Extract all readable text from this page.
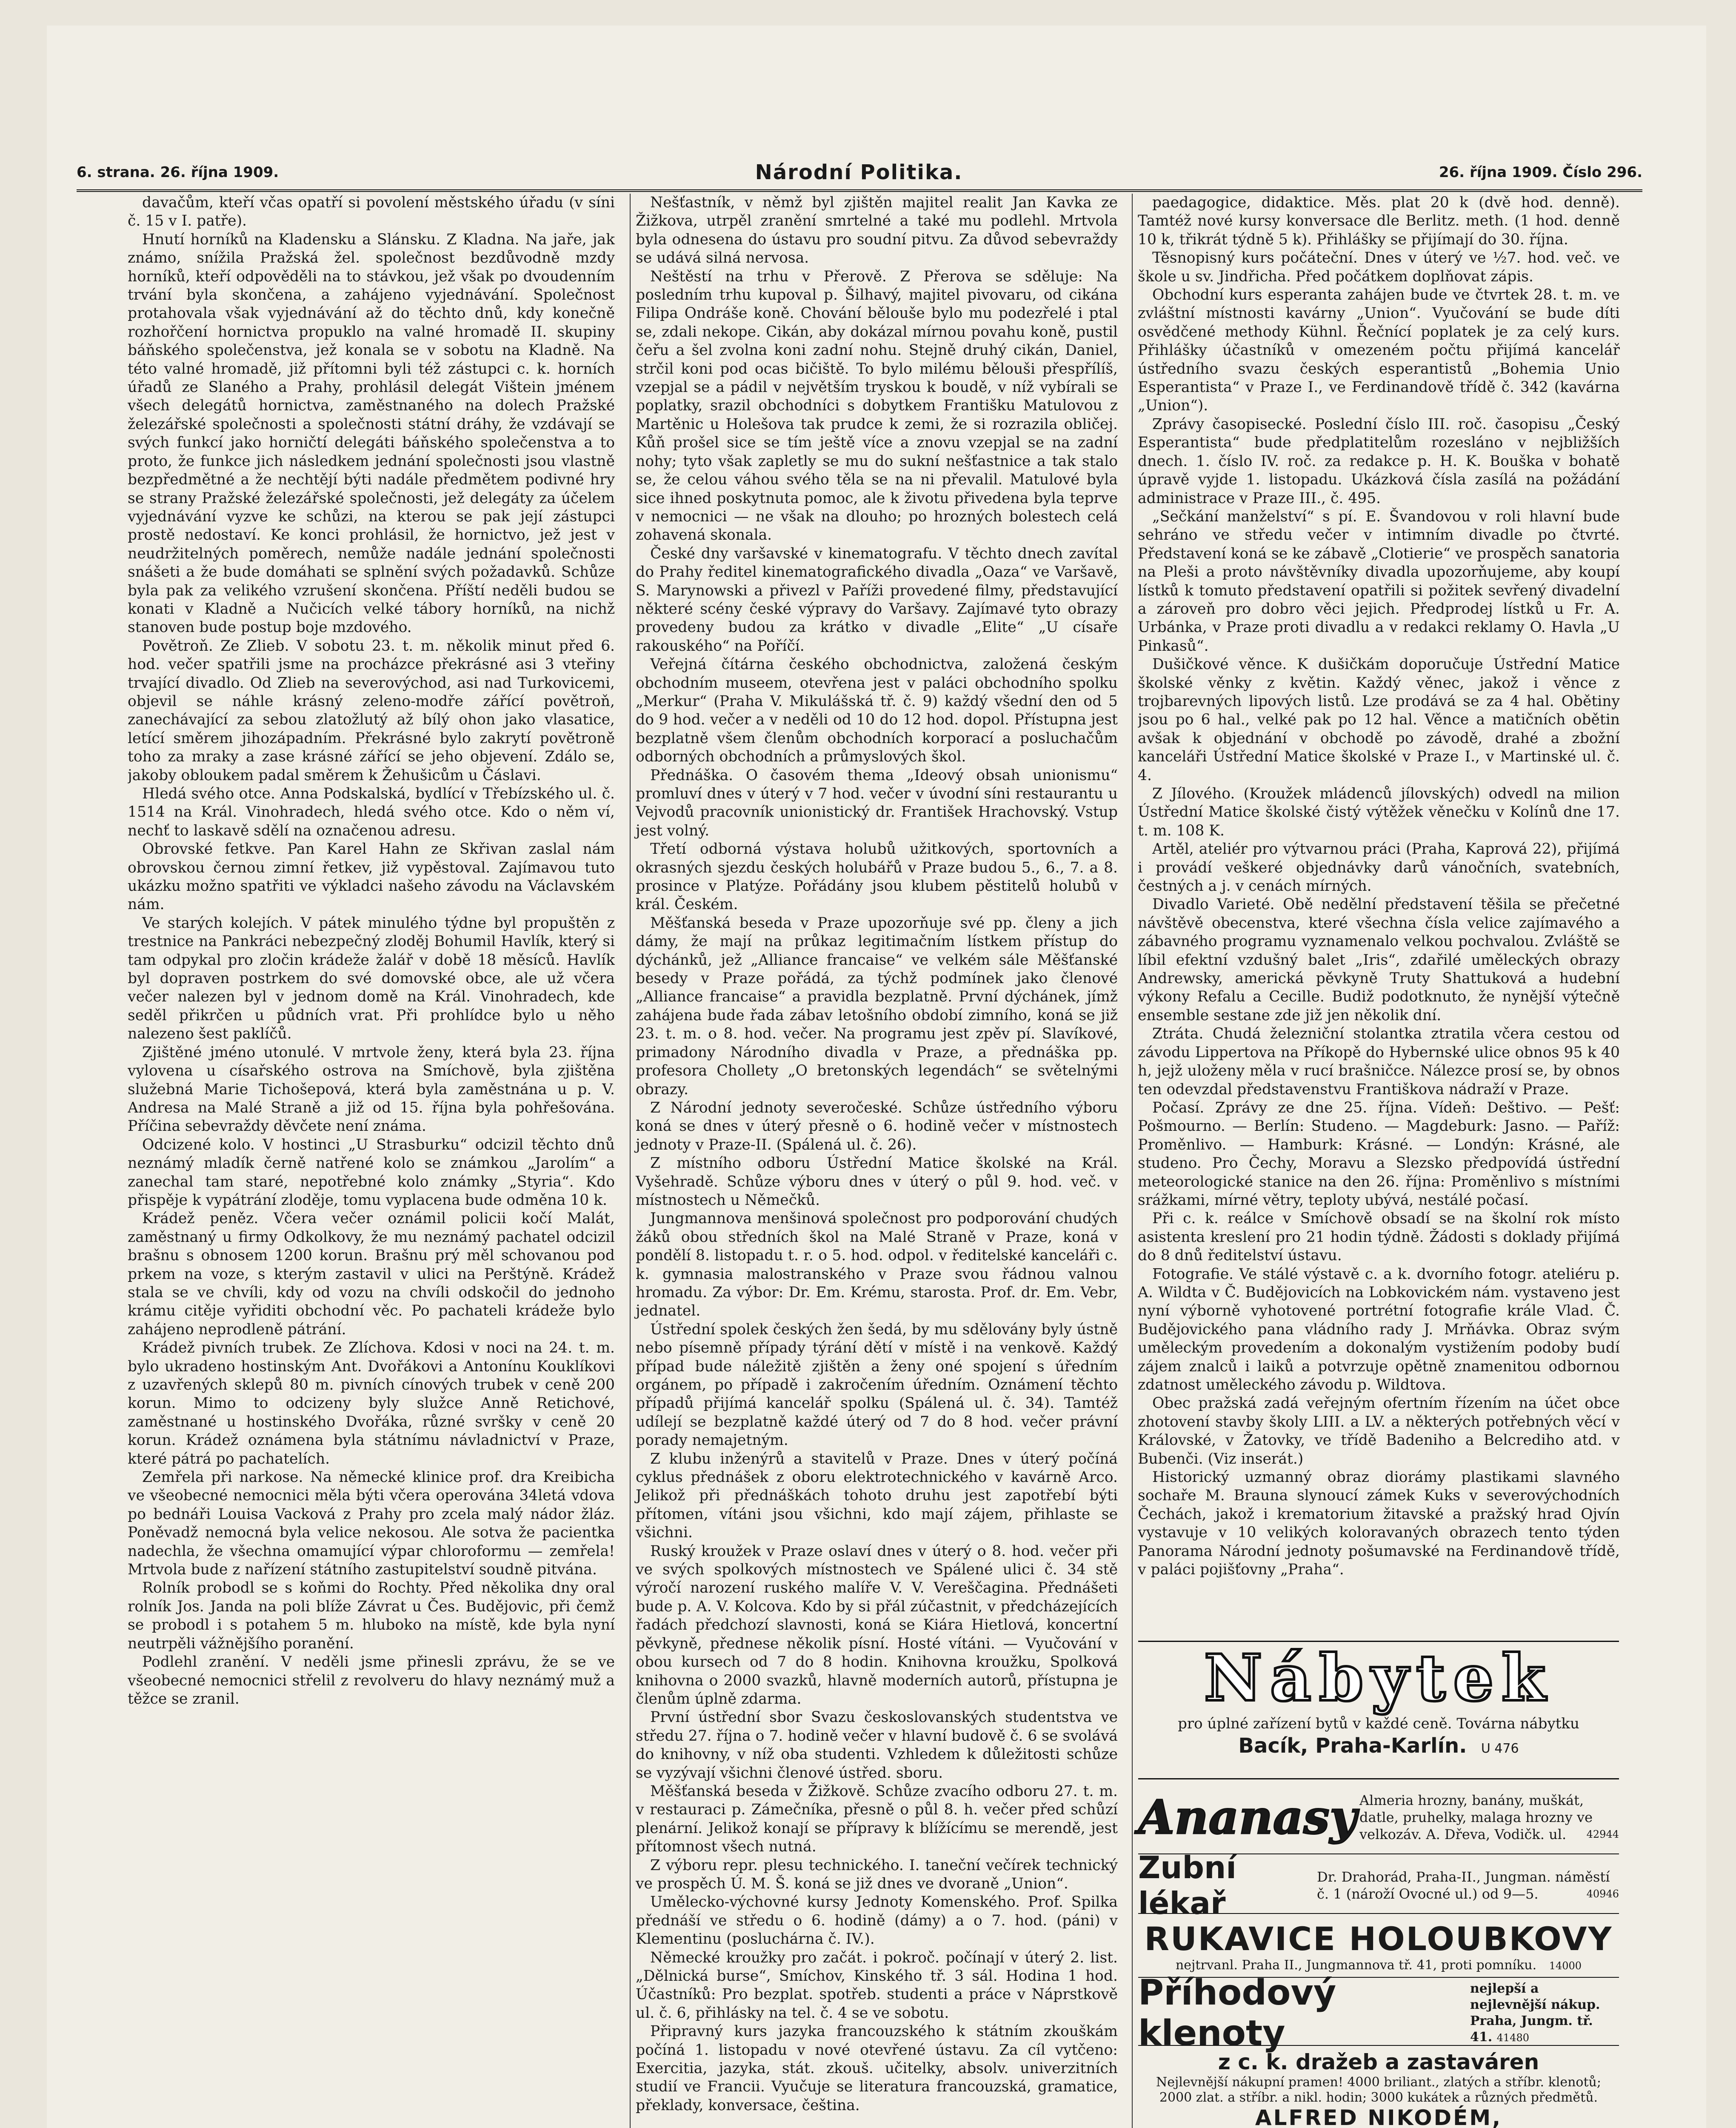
6. strana. 26. října 1909.	Národní Politika.	26. října 1909. Číslo 296.

davačům, kteří včas opatří si povolení městského úřadu (v síni č. 15 v I. patře).

Hnutí horníků na Kladensku a Slánsku. Z Kladna. Na jaře, jak známo, snížila Pražská žel. společnost bezdůvodně mzdy horníků, kteří odpověděli na to stávkou, jež však po dvoudenním trvání byla skončena, a zahájeno vyjednávání. Společnost protahovala však vyjednávání až do těchto dnů, kdy konečně rozhořčení hornictva propuklo na valné hromadě II. skupiny báňského společenstva, jež konala se v sobotu na Kladně. Na této valné hromadě, již přítomni byli též zástupci c. k. horních úřadů ze Slaného a Prahy, prohlásil delegát Vištein jménem všech delegátů hornictva, zaměstnaného na dolech Pražské železářské společnosti a společnosti státní dráhy, že vzdávají se svých funkcí jako horničtí delegáti báňského společenstva a to proto, že funkce jich následkem jednání společnosti jsou vlastně bezpředmětné a že nechtějí býti nadále předmětem podivné hry se strany Pražské železářské společnosti, jež delegáty za účelem vyjednávání vyzve ke schůzi, na kterou se pak její zástupci prostě nedostaví. Ke konci prohlásil, že hornictvo, jež jest v neudržitelných poměrech, nemůže nadále jednání společnosti snášeti a že bude domáhati se splnění svých požadavků. Schůze byla pak za velikého vzrušení skončena. Příští neděli budou se konati v Kladně a Nučicích velké tábory horníků, na nichž stanoven bude postup boje mzdového.

Povětroň. Ze Zlieb. V sobotu 23. t. m. několik minut před 6. hod. večer spatřili jsme na procházce překrásné asi 3 vteřiny trvající divadlo. Od Zlieb na severovýchod, asi nad Turkovicemi, objevil se náhle krásný zeleno-modře zářící povětroň, zanechávající za sebou zlatožlutý až bílý ohon jako vlasatice, letící směrem jihozápadním. Překrásné bylo zakrytí povětroně toho za mraky a zase krásné zářící se jeho objevení. Zdálo se, jakoby obloukem padal směrem k Žehušicům u Čáslavi.

Hledá svého otce. Anna Podskalská, bydlící v Třebízského ul. č. 1514 na Král. Vinohradech, hledá svého otce. Kdo o něm ví, nechť to laskavě sdělí na označenou adresu.

Obrovské fetkve. Pan Karel Hahn ze Skřivan zaslal nám obrovskou černou zimní řetkev, již vypěstoval. Zajímavou tuto ukázku možno spatřiti ve výkladci našeho závodu na Václavském nám.

Ve starých kolejích. V pátek minulého týdne byl propuštěn z trestnice na Pankráci nebezpečný zloděj Bohumil Havlík, který si tam odpykal pro zločin krádeže žalář v době 18 měsíců. Havlík byl dopraven postrkem do své domovské obce, ale už včera večer nalezen byl v jednom domě na Král. Vinohradech, kde seděl přikrčen u půdních vrat. Při prohlídce bylo u něho nalezeno šest paklíčů.

Zjištěné jméno utonulé. V mrtvole ženy, která byla 23. října vylovena u císařského ostrova na Smíchově, byla zjištěna služebná Marie Tichošepová, která byla zaměstnána u p. V. Andresa na Malé Straně a již od 15. října byla pohřešována. Příčina sebevraždy děvčete není známa.

Odcizené kolo. V hostinci „U Strasburku“ odcizil těchto dnů neznámý mladík černě natřené kolo se známkou „Jarolím“ a zanechal tam staré, nepotřebné kolo známky „Styria“. Kdo přispěje k vypátrání zloděje, tomu vyplacena bude odměna 10 k.

Krádež peněz. Včera večer oznámil policii kočí Malát, zaměstnaný u firmy Odkolkovy, že mu neznámý pachatel odcizil brašnu s obnosem 1200 korun. Brašnu prý měl schovanou pod prkem na voze, s kterým zastavil v ulici na Perštýně. Krádež stala se ve chvíli, kdy od vozu na chvíli odskočil do jednoho krámu citěje vyřiditi obchodní věc. Po pachateli krádeže bylo zahájeno neprodleně pátrání.

Krádež pivních trubek. Ze Zlíchova. Kdosi v noci na 24. t. m. bylo ukradeno hostinským Ant. Dvořákovi a Antonínu Kouklíkovi z uzavřených sklepů 80 m. pivních cínových trubek v ceně 200 korun. Mimo to odcizeny byly služce Anně Retichové, zaměstnané u hostinského Dvořáka, různé svršky v ceně 20 korun. Krádež oznámena byla státnímu návladnictví v Praze, které pátrá po pachatelích.

Zemřela při narkose. Na německé klinice prof. dra Kreibicha ve všeobecné nemocnici měla býti včera operována 34letá vdova po bednáři Louisa Vacková z Prahy pro zcela malý nádor žláz. Poněvadž nemocná byla velice nekosou. Ale sotva že pacientka nadechla, že všechna omamující výpar chloroformu — zemřela! Mrtvola bude z nařízení státního zastupitelství soudně pitvána.

Rolník probodl se s koňmi do Rochty. Před několika dny oral rolník Jos. Janda na poli blíže Závrat u Čes. Budějovic, při čemž se probodl i s potahem 5 m. hluboko na místě, kde byla nyní neutrpěli vážnějšího poranění.

Podlehl zranění. V neděli jsme přinesli zprávu, že se ve všeobecné nemocnici střelil z revolveru do hlavy neznámý muž a těžce se zranil.

Nešťastník, v němž byl zjištěn majitel realit Jan Kavka ze Žižkova, utrpěl zranění smrtelné a také mu podlehl. Mrtvola byla odnesena do ústavu pro soudní pitvu. Za důvod sebevraždy se udává silná nervosa.

Neštěstí na trhu v Přerově. Z Přerova se sděluje: Na posledním trhu kupoval p. Šilhavý, majitel pivovaru, od cikána Filipa Ondráše koně. Chování bělouše bylo mu podezřelé i ptal se, zdali nekope. Cikán, aby dokázal mírnou povahu koně, pustil čeřu a šel zvolna koni zadní nohu. Stejně druhý cikán, Daniel, strčil koni pod ocas bičiště. To bylo milému bělouši přespřílíš, vzepjal se a pádil v největším tryskou k boudě, v níž vybírali se poplatky, srazil obchodníci s dobytkem Františku Matulovou z Martěnic u Holešova tak prudce k zemi, že si rozrazila obličej. Kůň prošel sice se tím ještě více a znovu vzepjal se na zadní nohy; tyto však zapletly se mu do sukní nešťastnice a tak stalo se, že celou váhou svého těla se na ni převalil. Matulové byla sice ihned poskytnuta pomoc, ale k životu přivedena byla teprve v nemocnici — ne však na dlouho; po hrozných bolestech celá zohavená skonala.

České dny varšavské v kinematografu. V těchto dnech zavítal do Prahy ředitel kinematografického divadla „Oaza“ ve Varšavě, S. Marynowski a přivezl v Paříži provedené filmy, představující některé scény české výpravy do Varšavy. Zajímavé tyto obrazy provedeny budou za krátko v divadle „Elite“ „U císaře rakouského“ na Poříčí.

Veřejná čítárna českého obchodnictva, založená českým obchodním museem, otevřena jest v paláci obchodního spolku „Merkur“ (Praha V. Mikulášská tř. č. 9) každý všední den od 5 do 9 hod. večer a v neděli od 10 do 12 hod. dopol. Přístupna jest bezplatně všem členům obchodních korporací a posluchačům odborných obchodních a průmyslových škol.

Přednáška. O časovém thema „Ideový obsah unionismu“ promluví dnes v úterý v 7 hod. večer v úvodní síni restaurantu u Vejvodů pracovník unionistický dr. František Hrachovský. Vstup jest volný.

Třetí odborná výstava holubů užitkových, sportovních a okrasných sjezdu českých holubářů v Praze budou 5., 6., 7. a 8. prosince v Platýze. Pořádány jsou klubem pěstitelů holubů v král. Českém.

Měšťanská beseda v Praze upozorňuje své pp. členy a jich dámy, že mají na průkaz legitimačním lístkem přístup do dýchánků, jež „Alliance francaise“ ve velkém sále Měšťanské besedy v Praze pořádá, za týchž podmínek jako členové „Alliance francaise“ a pravidla bezplatně. První dýchánek, jímž zahájena bude řada zábav letošního období zimního, koná se již 23. t. m. o 8. hod. večer. Na programu jest zpěv pí. Slavíkové, primadony Národního divadla v Praze, a přednáška pp. profesora Chollety „O bretonských legendách“ se světelnými obrazy.

Z Národní jednoty severočeské. Schůze ústředního výboru koná se dnes v úterý přesně o 6. hodině večer v místnostech jednoty v Praze-II. (Spálená ul. č. 26).

Z místního odboru Ústřední Matice školské na Král. Vyšehradě. Schůze výboru dnes v úterý o půl 9. hod. več. v místnostech u Němečků.

Jungmannova menšinová společnost pro podporování chudých žáků obou středních škol na Malé Straně v Praze, koná v pondělí 8. listopadu t. r. o 5. hod. odpol. v ředitelské kanceláři c. k. gymnasia malostranského v Praze svou řádnou valnou hromadu. Za výbor: Dr. Em. Krému, starosta. Prof. dr. Em. Vebr, jednatel.

Ústřední spolek českých žen šedá, by mu sdělovány byly ústně nebo písemně případy týrání dětí v místě i na venkově. Každý případ bude náležitě zjištěn a ženy oné spojení s úředním orgánem, po případě i zakročením úředním. Oznámení těchto případů přijímá kancelář spolku (Spálená ul. č. 34). Tamtéž udílejí se bezplatně každé úterý od 7 do 8 hod. večer právní porady nemajetným.

Z klubu inženýrů a stavitelů v Praze. Dnes v úterý počíná cyklus přednášek z oboru elektrotechnického v kavárně Arco. Jelikož při přednáškách tohoto druhu jest zapotřebí býti přítomen, vítáni jsou všichni, kdo mají zájem, přihlaste se všichni.

Ruský kroužek v Praze oslaví dnes v úterý o 8. hod. večer při ve svých spolkových místnostech ve Spálené ulici č. 34 stě výročí narození ruského malíře V. V. Vereščagina. Přednášeti bude p. A. V. Kolcova. Kdo by si přál zúčastnit, v předcházejících řadách předchozí slavnosti, koná se Kiára Hietlová, koncertní pěvkyně, přednese několik písní. Hosté vítáni. — Vyučování v obou kursech od 7 do 8 hodin. Knihovna kroužku, Spolková knihovna o 2000 svazků, hlavně moderních autorů, přístupna je členům úplně zdarma.

První ústřední sbor Svazu českoslovanských studentstva ve středu 27. října o 7. hodině večer v hlavní budově č. 6 se svolává do knihovny, v níž oba studenti. Vzhledem k důležitosti schůze se vyzývají všichni členové ústřed. sboru.

Měšťanská beseda v Žižkově. Schůze zvacího odboru 27. t. m. v restauraci p. Zámečníka, přesně o půl 8. h. večer před schůzí plenární. Jelikož konají se přípravy k blížícímu se merendě, jest přítomnost všech nutná.

Z výboru repr. plesu technického. I. taneční večírek technický ve prospěch Ú. M. Š. koná se již dnes ve dvoraně „Union“.

Umělecko-výchovné kursy Jednoty Komenského. Prof. Spilka přednáší ve středu o 6. hodině (dámy) a o 7. hod. (páni) v Klementinu (posluchárna č. IV.).

Německé kroužky pro začát. i pokroč. počínají v úterý 2. list. „Dělnická burse“, Smíchov, Kinského tř. 3 sál. Hodina 1 hod. Účastníků: Pro bezplat. spotřeb. studenti a práce v Náprstkově ul. č. 6, přihlásky na tel. č. 4 se ve sobotu.

Připravný kurs jazyka francouzského k státním zkouškám počíná 1. listopadu v nové otevřené ústavu. Za cíl vytčeno: Exercitia, jazyka, stát. zkouš. učitelky, absolv. univerzitních studií ve Francii. Vyučuje se literatura francouzská, gramatice, překlady, konversace, čeština.

paedagogice, didaktice. Měs. plat 20 k (dvě hod. denně). Tamtéž nové kursy konversace dle Berlitz. meth. (1 hod. denně 10 k, třikrát týdně 5 k). Přihlášky se přijímají do 30. října.

Těsnopisný kurs počáteční. Dnes v úterý ve ½7. hod. več. ve škole u sv. Jindřicha. Před počátkem doplňovat zápis.

Obchodní kurs esperanta zahájen bude ve čtvrtek 28. t. m. ve zvláštní místnosti kavárny „Union“. Vyučování se bude díti osvědčené methody Kühnl. Řečnící poplatek je za celý kurs. Přihlášky účastníků v omezeném počtu přijímá kancelář ústředního svazu českých esperantistů „Bohemia Unio Esperantista“ v Praze I., ve Ferdinandově třídě č. 342 (kavárna „Union“).

Zprávy časopisecké. Poslední číslo III. roč. časopisu „Český Esperantista“ bude předplatitelům rozesláno v nejbližších dnech. 1. číslo IV. roč. za redakce p. H. K. Bouška v bohatě úpravě vyjde 1. listopadu. Ukázková čísla zasílá na požádání administrace v Praze III., č. 495.

„Sečkání manželství“ s pí. E. Švandovou v roli hlavní bude sehráno ve středu večer v intimním divadle po čtvrté. Představení koná se ke zábavě „Clotierie“ ve prospěch sanatoria na Pleši a proto návštěvníky divadla upozorňujeme, aby koupí lístků k tomuto představení opatřili si požitek sevřený divadelní a zároveň pro dobro věci jejich. Předprodej lístků u Fr. A. Urbánka, v Praze proti divadlu a v redakci reklamy O. Havla „U Pinkasů“.

Dušičkové věnce. K dušičkám doporučuje Ústřední Matice školské věnky z květin. Každý věnec, jakož i věnce z trojbarevných lipových listů. Lze prodává se za 4 hal. Obětiny jsou po 6 hal., velké pak po 12 hal. Věnce a matičních obětin avšak k objednání v obchodě po závodě, drahé a zbožní kanceláři Ústřední Matice školské v Praze I., v Martinské ul. č. 4.

Z Jílového. (Kroužek mládenců jílovských) odvedl na milion Ústřední Matice školské čistý výtěžek věnečku v Kolínů dne 17. t. m. 108 K.

Artěl, ateliér pro výtvarnou práci (Praha, Kaprová 22), přijímá i provádí veškeré objednávky darů vánočních, svatebních, čestných a j. v cenách mírných.

Divadlo Varieté. Obě nedělní představení těšila se přečetné návštěvě obecenstva, které všechna čísla velice zajímavého a zábavného programu vyznamenalo velkou pochvalou. Zvláště se líbil efektní vzdušný balet „Iris“, zdařilé uměleckých obrazy Andrewsky, americká pěvkyně Truty Shattuková a hudební výkony Refalu a Cecille. Budiž podotknuto, že nynější výtečně ensemble sestane zde již jen několik dní.

Ztráta. Chudá železniční stolantka ztratila včera cestou od závodu Lippertova na Příkopě do Hybernské ulice obnos 95 k 40 h, jejž uloženy měla v rucí brašničce. Nálezce prosí se, by obnos ten odevzdal představenstvu Františkova nádraží v Praze.

Počasí. Zprávy ze dne 25. října. Vídeň: Deštivo. — Pešť: Pošmourno. — Berlín: Studeno. — Magdeburk: Jasno. — Paříž: Proměnlivo. — Hamburk: Krásné. — Londýn: Krásné, ale studeno. Pro Čechy, Moravu a Slezsko předpovídá ústřední meteorologické stanice na den 26. října: Proměnlivo s místními srážkami, mírné větry, teploty ubývá, nestálé počasí.

Při c. k. reálce v Smíchově obsadí se na školní rok místo asistenta kreslení pro 21 hodin týdně. Žádosti s doklady přijímá do 8 dnů ředitelství ústavu.

Fotografie. Ve stálé výstavě c. a k. dvorního fotogr. ateliéru p. A. Wildta v Č. Budějovicích na Lobkovickém nám. vystaveno jest nyní výborně vyhotovené portrétní fotografie krále Vlad. Č. Budějovického pana vládního rady J. Mrňávka. Obraz svým uměleckým provedením a dokonalým vystižením podoby budí zájem znalců i laiků a potvrzuje opětně znamenitou odbornou zdatnost uměleckého závodu p. Wildtova.

Obec pražská zadá veřejným ofertním řízením na účet obce zhotovení stavby školy LIII. a LV. a některých potřebných věcí v Královské, v Žatovky, ve třídě Badeniho a Belcrediho atd. v Bubenči. (Viz inserát.)

Historický uzmanný obraz diorámy plastikami slavného sochaře M. Brauna slynoucí zámek Kuks v severovýchodních Čechách, jakož i krematorium žitavské a pražský hrad Ojvín vystavuje v 10 velikých koloravaných obrazech tento týden Panorama Národní jednoty pošumavské na Ferdinandově třídě, v paláci pojišťovny „Praha“.

Nábytek
pro úplné zařízení bytů v každé ceně. Továrna nábytku
Bacík, Praha-Karlín. U 476
Ananasy Almeria hrozny, banány, muškát, datle, pruhelky, malaga hrozny ve velkozáv. A. Dřeva, Vodičk. ul. 42944
Zubní lékař
Dr. Drahorád, Praha-II., Jungman. náměstí č. 1 (nároží Ovocné ul.) od 9—5.	40946
RUKAVICE HOLOUBKOVY
nejtrvanl. Praha II., Jungmannova tř. 41, proti pomníku. 14000
Příhodový klenoty
nejlepší a nejlevnější nákup. Praha, Jungm. tř. 41. 41480
z c. k. dražeb a zastaváren
Nejlevnější nákupní pramen! 4000 briliant., zlatých a stříbr. klenotů; 2000 zlat. a stříbr. a nikl. hodin; 3000 kukátek a různých předmětů.
ALFRED NIKODÉM,
